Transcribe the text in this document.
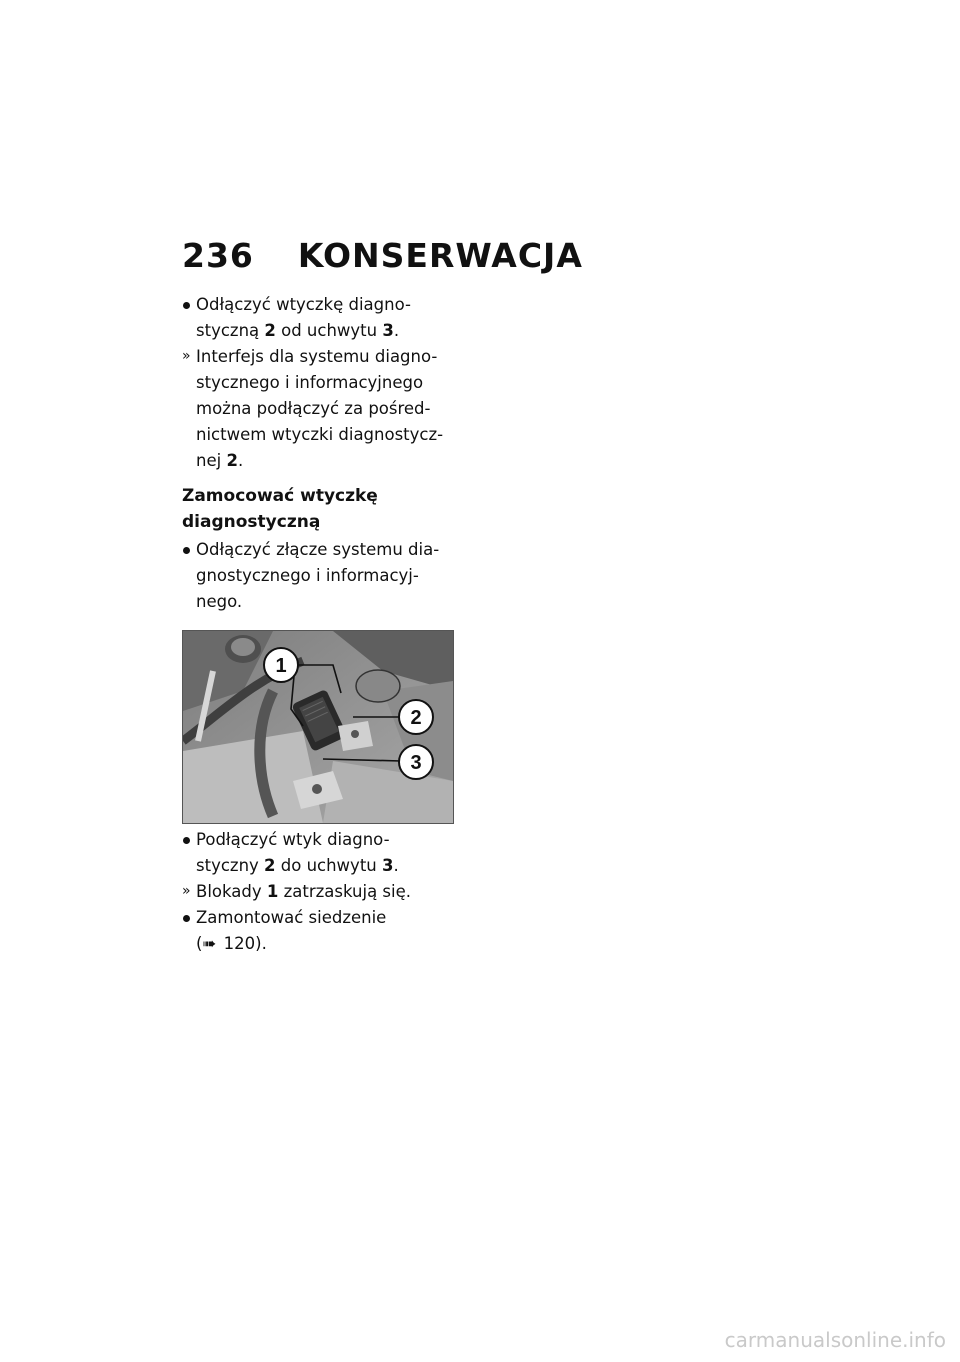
236 KONSERWACJA
Odłączyć wtyczkę diagno-
styczną 2 od uchwytu 3.
» Interfejs dla systemu diagno-
stycznego i informacyjnego
można podłączyć za pośred-
nictwem wtyczki diagnostycz-
nej 2.
Zamocować wtyczkę
diagnostyczną
Odłączyć złącze systemu dia-
gnostycznego i informacyj-
nego.
1
2
3
Podłączyć wtyk diagno-
styczny 2 do uchwytu 3.
» Blokady 1 zatrzaskują się.
Zamontować siedzenie
(➠ 120).
carmanualsonline.info
